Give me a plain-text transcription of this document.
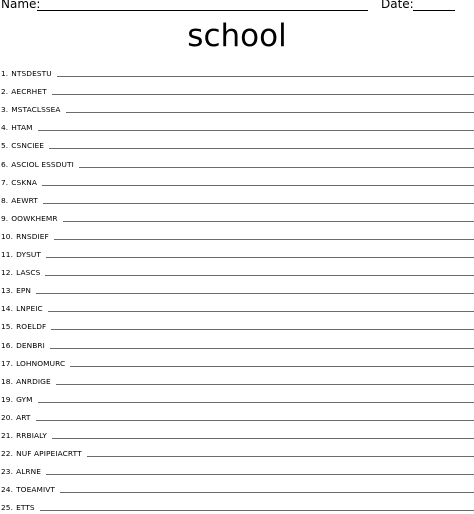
Name:	Date:
school
1. NTSDESTU
2. AECRHET
3. MSTACLSSEA
4. HTAM
5. CSNCIEE
6. ASCIOL ESSDUTI
7. CSKNA
8. AEWRT
9. OOWKHEMR
10. RNSDIEF
11. DYSUT
12. LASCS
13. EPN
14. LNPEIC
15. ROELDF
16. DENBRI
17. LOHNOMURC
18. ANRDIGE
19. GYM
20. ART
21. RRBIALY
22. NUF APIPEIACRTT
23. ALRNE
24. TOEAMIVT
25. ETTS
